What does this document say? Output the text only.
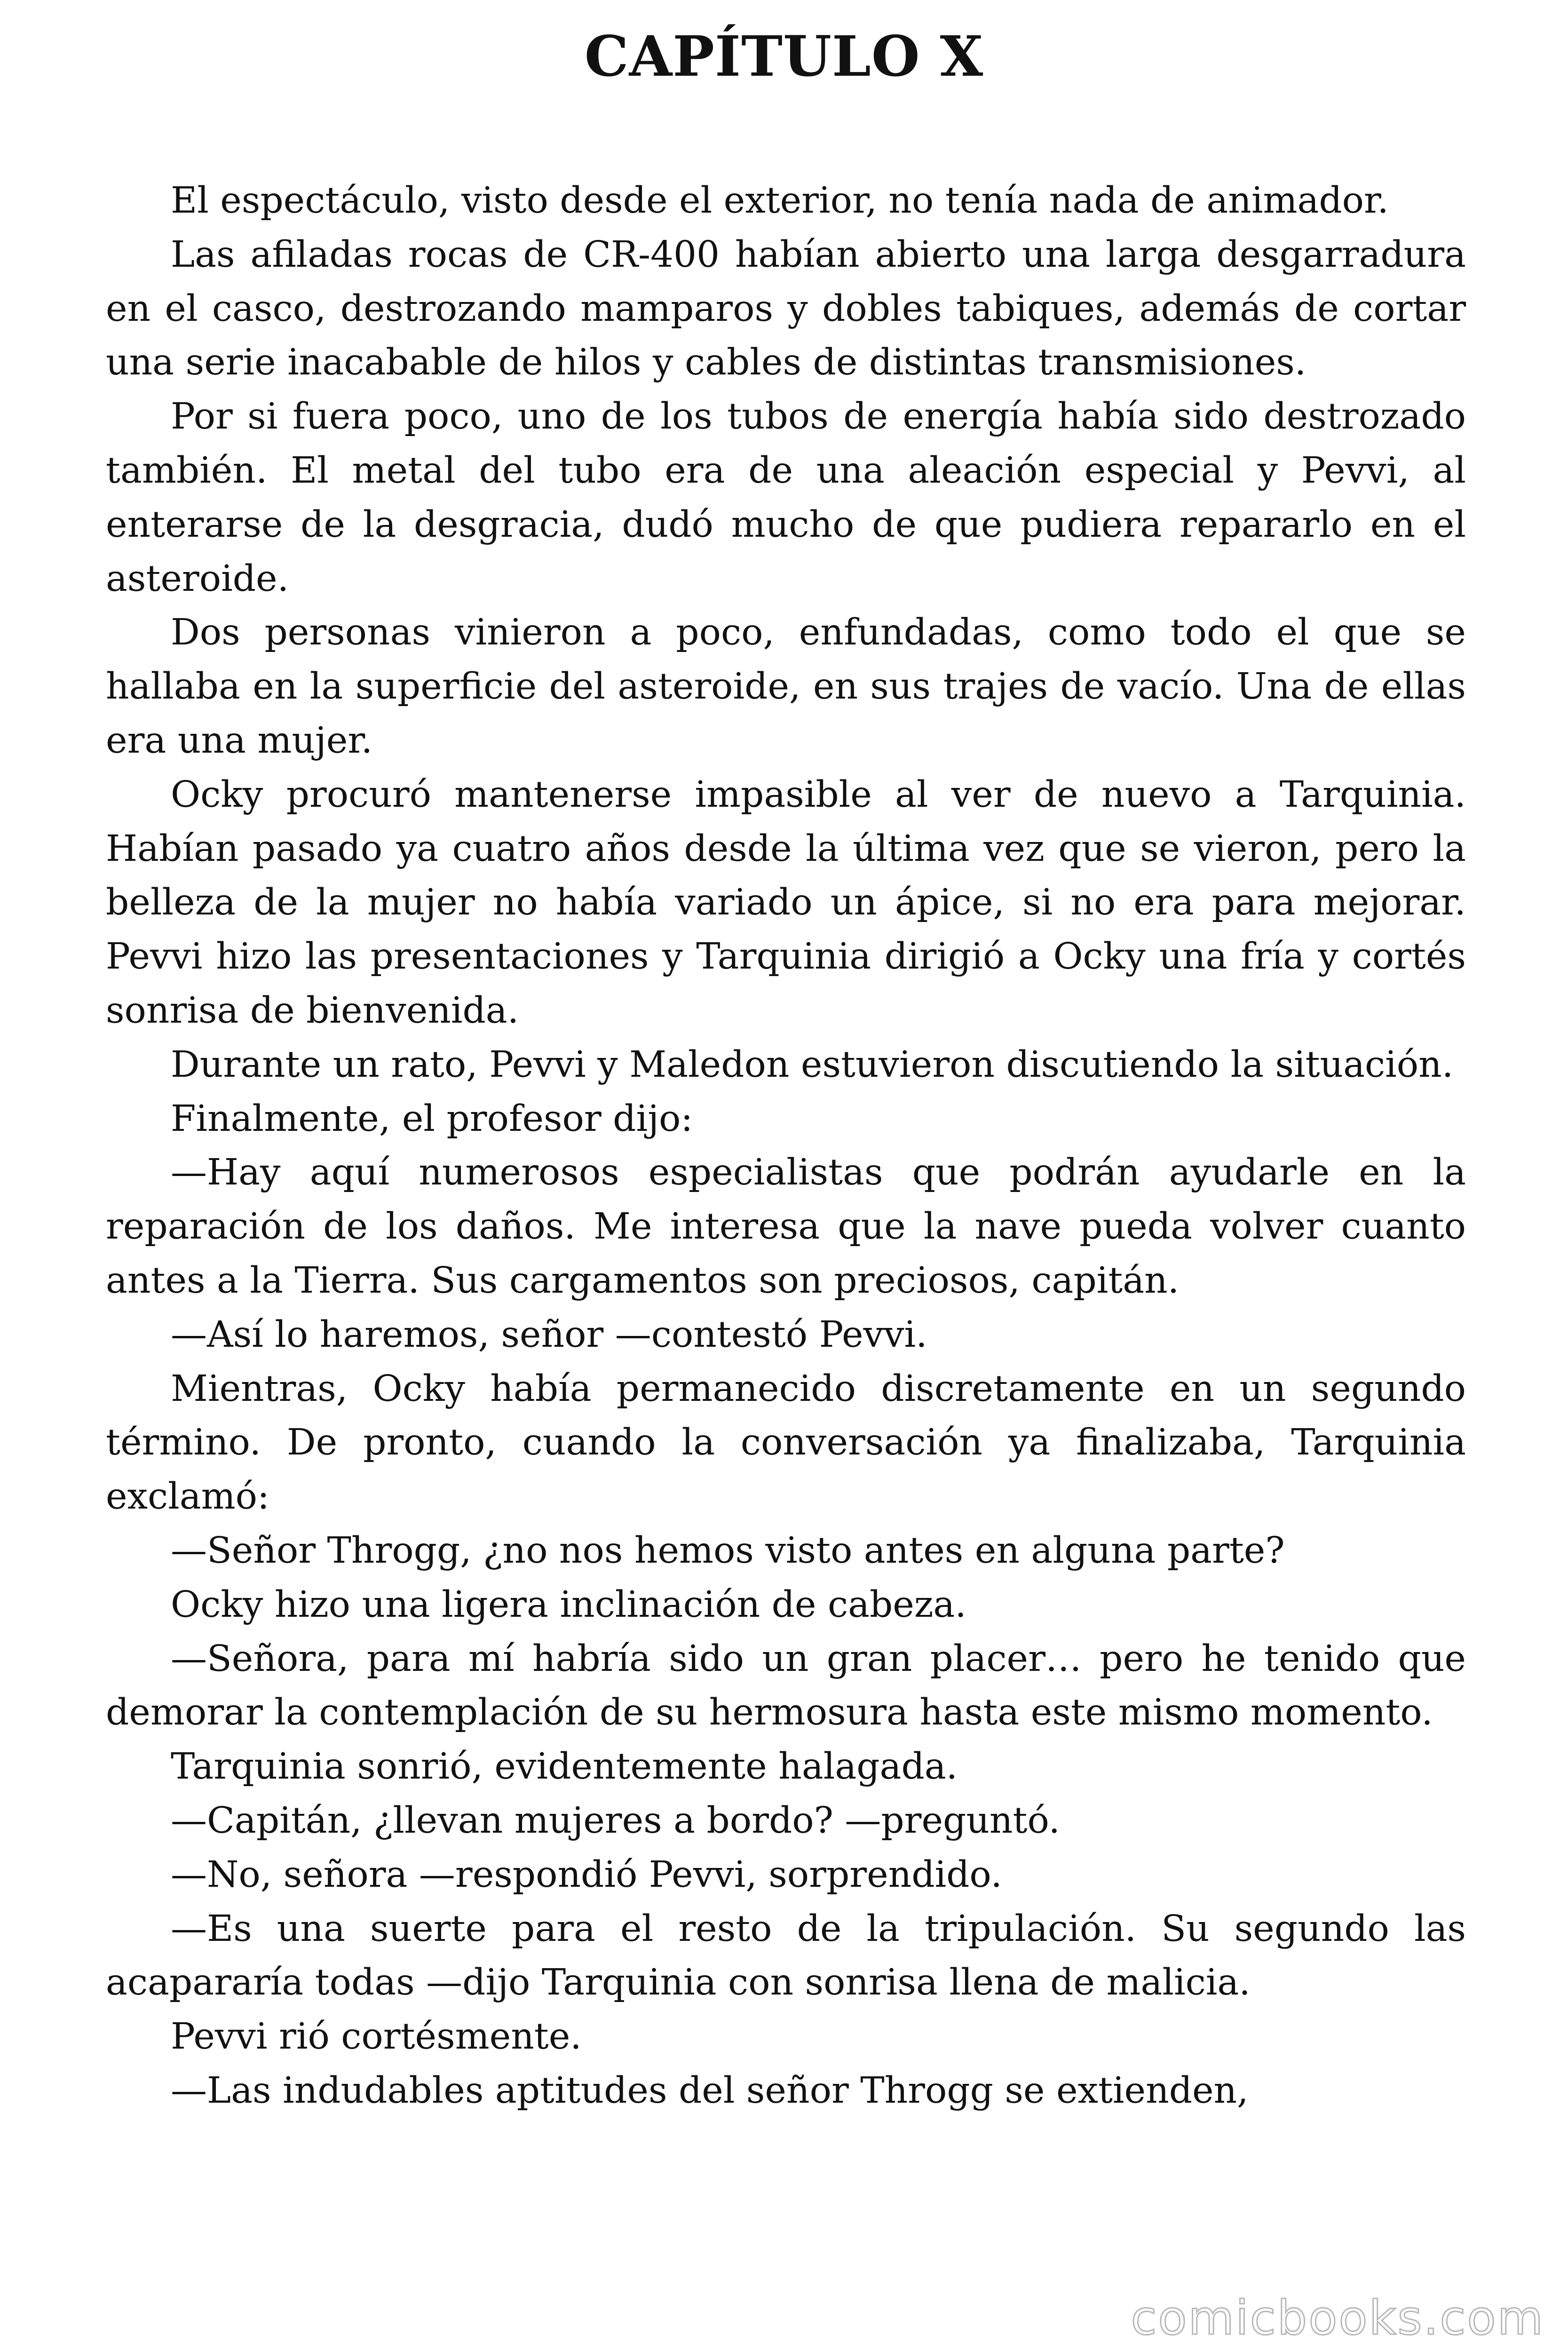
CAPÍTULO X

El espectáculo, visto desde el exterior, no tenía nada de animador.

Las afiladas rocas de CR-400 habían abierto una larga desgarradura en el casco, destrozando mamparos y dobles tabiques, además de cortar una serie inacabable de hilos y cables de distintas transmisiones.

Por si fuera poco, uno de los tubos de energía había sido destrozado también. El metal del tubo era de una aleación especial y Pevvi, al enterarse de la desgracia, dudó mucho de que pudiera repararlo en el asteroide.

Dos personas vinieron a poco, enfundadas, como todo el que se hallaba en la superficie del asteroide, en sus trajes de vacío. Una de ellas era una mujer.

Ocky procuró mantenerse impasible al ver de nuevo a Tarquinia. Habían pasado ya cuatro años desde la última vez que se vieron, pero la belleza de la mujer no había variado un ápice, si no era para mejorar. Pevvi hizo las presentaciones y Tarquinia dirigió a Ocky una fría y cortés sonrisa de bienvenida.

Durante un rato, Pevvi y Maledon estuvieron discutiendo la situación.

Finalmente, el profesor dijo:

—Hay aquí numerosos especialistas que podrán ayudarle en la reparación de los daños. Me interesa que la nave pueda volver cuanto antes a la Tierra. Sus cargamentos son preciosos, capitán.

—Así lo haremos, señor —contestó Pevvi.

Mientras, Ocky había permanecido discretamente en un segundo término. De pronto, cuando la conversación ya finalizaba, Tarquinia exclamó:

—Señor Throgg, ¿no nos hemos visto antes en alguna parte?

Ocky hizo una ligera inclinación de cabeza.

—Señora, para mí habría sido un gran placer… pero he tenido que demorar la contemplación de su hermosura hasta este mismo momento.

Tarquinia sonrió, evidentemente halagada.

—Capitán, ¿llevan mujeres a bordo? —preguntó.

—No, señora —respondió Pevvi, sorprendido.

—Es una suerte para el resto de la tripulación. Su segundo las acapararía todas —dijo Tarquinia con sonrisa llena de malicia.

Pevvi rió cortésmente.

—Las indudables aptitudes del señor Throgg se extienden,

comicbooks.com
